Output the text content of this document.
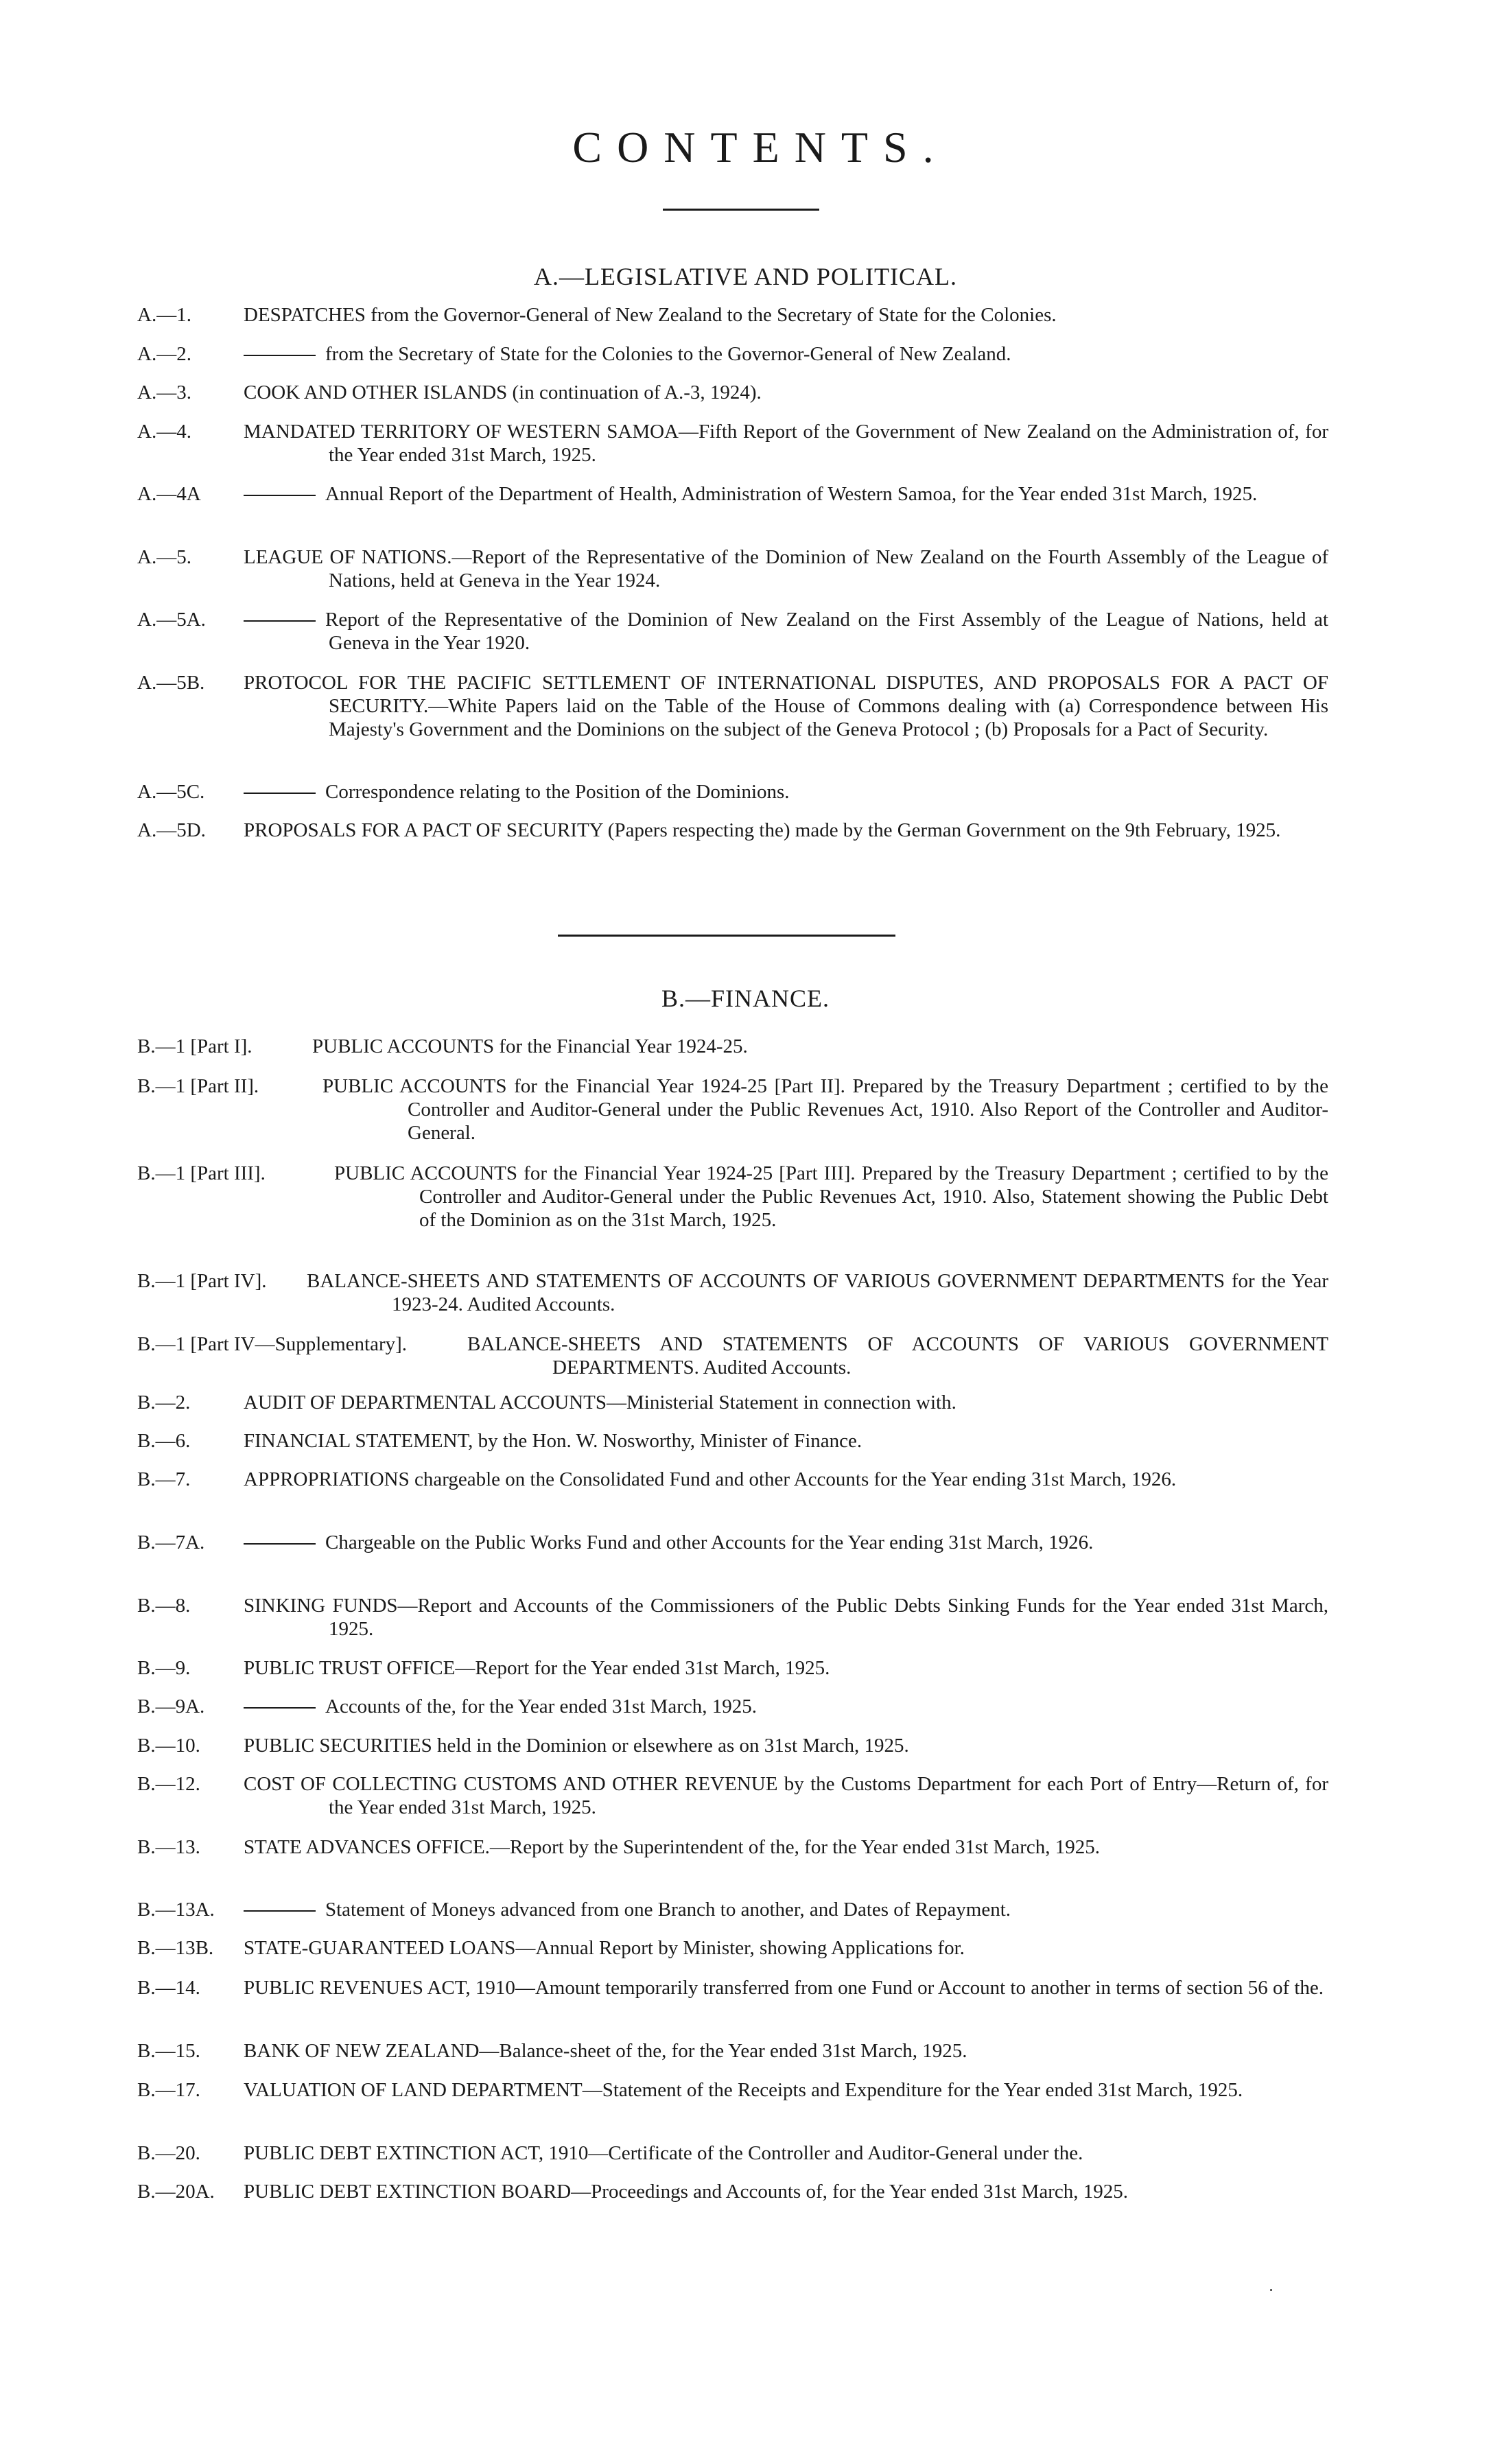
CONTENTS.
A.—LEGISLATIVE AND POLITICAL.
A.—1.	DESPATCHES from the Governor-General of New Zealand to the Secretary of State for the Colonies.
A.—2.	from the Secretary of State for the Colonies to the Governor-General of New Zealand.
A.—3.	COOK AND OTHER ISLANDS (in continuation of A.-3, 1924).
A.—4.	MANDATED TERRITORY OF WESTERN SAMOA—Fifth Report of the Government of New Zealand on the Administration of, for the Year ended 31st March, 1925.
A.—4A	Annual Report of the Department of Health, Administration of Western Samoa, for the Year ended 31st March, 1925.
A.—5.	LEAGUE OF NATIONS.—Report of the Representative of the Dominion of New Zealand on the Fourth Assembly of the League of Nations, held at Geneva in the Year 1924.
A.—5A.	Report of the Representative of the Dominion of New Zealand on the First Assembly of the League of Nations, held at Geneva in the Year 1920.
A.—5B.	PROTOCOL FOR THE PACIFIC SETTLEMENT OF INTERNATIONAL DISPUTES, AND PROPOSALS FOR A PACT OF SECURITY.—White Papers laid on the Table of the House of Commons dealing with (a) Correspondence between His Majesty's Government and the Dominions on the subject of the Geneva Protocol ; (b) Proposals for a Pact of Security.
A.—5C.	Correspondence relating to the Position of the Dominions.
A.—5D.	PROPOSALS FOR A PACT OF SECURITY (Papers respecting the) made by the German Government on the 9th February, 1925.
B.—FINANCE.
B.—1 [Part I].	PUBLIC ACCOUNTS for the Financial Year 1924-25.
B.—1 [Part II].	PUBLIC ACCOUNTS for the Financial Year 1924-25 [Part II]. Prepared by the Treasury Department ; certified to by the Controller and Auditor-General under the Public Revenues Act, 1910. Also Report of the Controller and Auditor-General.
B.—1 [Part III].	PUBLIC ACCOUNTS for the Financial Year 1924-25 [Part III]. Prepared by the Treasury Department ; certified to by the Controller and Auditor-General under the Public Revenues Act, 1910. Also, Statement showing the Public Debt of the Dominion as on the 31st March, 1925.
B.—1 [Part IV].	BALANCE-SHEETS AND STATEMENTS OF ACCOUNTS OF VARIOUS GOVERNMENT DEPARTMENTS for the Year 1923-24. Audited Accounts.
B.—1 [Part IV—Supplementary].	BALANCE-SHEETS AND STATEMENTS OF ACCOUNTS OF VARIOUS GOVERNMENT DEPARTMENTS. Audited Accounts.
B.—2.	AUDIT OF DEPARTMENTAL ACCOUNTS—Ministerial Statement in connection with.
B.—6.	FINANCIAL STATEMENT, by the Hon. W. Nosworthy, Minister of Finance.
B.—7.	APPROPRIATIONS chargeable on the Consolidated Fund and other Accounts for the Year ending 31st March, 1926.
B.—7A.	Chargeable on the Public Works Fund and other Accounts for the Year ending 31st March, 1926.
B.—8.	SINKING FUNDS—Report and Accounts of the Commissioners of the Public Debts Sinking Funds for the Year ended 31st March, 1925.
B.—9.	PUBLIC TRUST OFFICE—Report for the Year ended 31st March, 1925.
B.—9A.	Accounts of the, for the Year ended 31st March, 1925.
B.—10.	PUBLIC SECURITIES held in the Dominion or elsewhere as on 31st March, 1925.
B.—12.	COST OF COLLECTING CUSTOMS AND OTHER REVENUE by the Customs Department for each Port of Entry—Return of, for the Year ended 31st March, 1925.
B.—13.	STATE ADVANCES OFFICE.—Report by the Superintendent of the, for the Year ended 31st March, 1925.
B.—13A.	Statement of Moneys advanced from one Branch to another, and Dates of Repayment.
B.—13B.	STATE-GUARANTEED LOANS—Annual Report by Minister, showing Applications for.
B.—14.	PUBLIC REVENUES ACT, 1910—Amount temporarily transferred from one Fund or Account to another in terms of section 56 of the.
B.—15.	BANK OF NEW ZEALAND—Balance-sheet of the, for the Year ended 31st March, 1925.
B.—17.	VALUATION OF LAND DEPARTMENT—Statement of the Receipts and Expenditure for the Year ended 31st March, 1925.
B.—20.	PUBLIC DEBT EXTINCTION ACT, 1910—Certificate of the Controller and Auditor-General under the.
B.—20A.	PUBLIC DEBT EXTINCTION BOARD—Proceedings and Accounts of, for the Year ended 31st March, 1925.
